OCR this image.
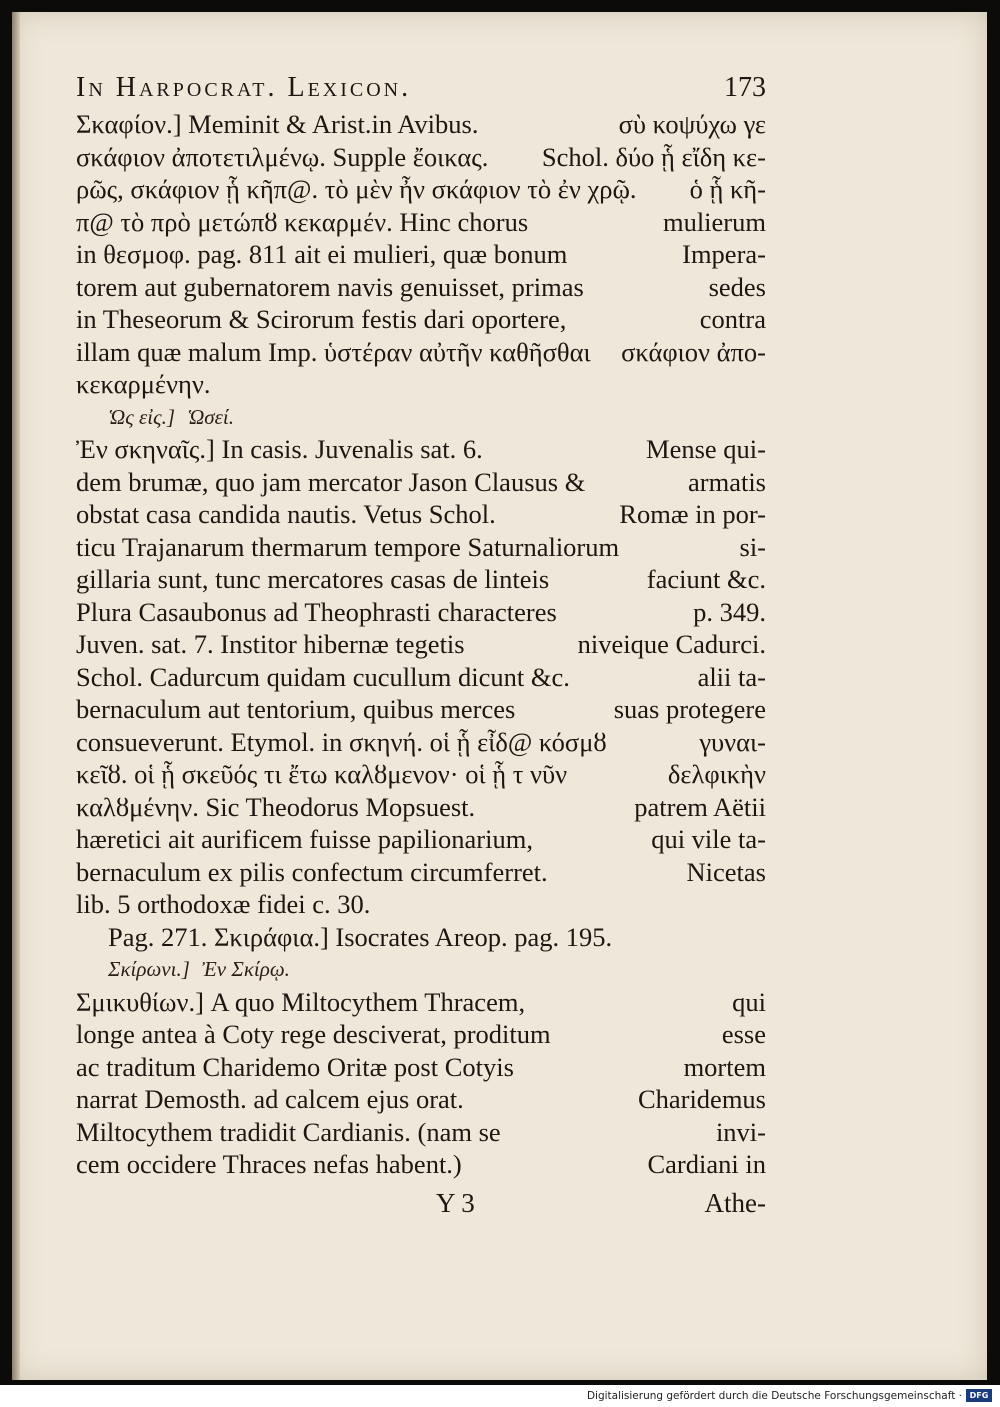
In Harpocrat. Lexicon.	173
Σκαφίον.] Meminit & Arist.in Avibus.	σὺ κοψύχω γε
σκάφιον ἀποτετιλμένῳ. Supple ἔοικας. Schol. δύο ᾗ εἴδη κε-
ρῶς, σκάφιον ᾗ κῆπ@. τὸ μὲν ἦν σκάφιον τὸ ἐν χρῷ. ὁ ᾗ κῆ-
π@ τὸ πρὸ μετώπȣ κεκαρμέν. Hinc chorus	mulierum
in θεσμοφ. pag. 811 ait ei mulieri, quæ bonum	Impera-
torem aut gubernatorem navis genuisset, primas	sedes
in Theseorum & Scirorum festis dari oportere,	contra
illam quæ malum Imp. ὑστέραν αὐτῆν καθῆσθαι σκάφιον ἀπο-
κεκαρμένην.
Ὡς εἰς.] Ὡσεί.
Ἐν σκηναῖς.] In casis. Juvenalis sat. 6.	Mense qui-
dem brumæ, quo jam mercator Jason Clausus &	armatis
obstat casa candida nautis. Vetus Schol.	Romæ in por-
ticu Trajanarum thermarum tempore Saturnaliorum	si-
gillaria sunt, tunc mercatores casas de linteis	faciunt &c.
Plura Casaubonus ad Theophrasti characteres	p. 349.
Juven. sat. 7. Institor hibernæ tegetis	niveique Cadurci.
Schol. Cadurcum quidam cucullum dicunt &c.	alii ta-
bernaculum aut tentorium, quibus merces	suas protegere
consueverunt. Etymol. in σκηνή. οἱ ᾗ εἶδ@ κόσμȣ	γυναι-
κεῖȣ. οἱ ᾗ σκεῦός τι ἔτω καλȣμενον· οἱ ᾗ τ νῦν	δελφικὴν
καλȣμένην. Sic Theodorus Mopsuest.	patrem Aëtii
hæretici ait aurificem fuisse papilionarium,	qui vile ta-
bernaculum ex pilis confectum circumferret.	Nicetas
lib. 5 orthodoxæ fidei c. 30.
Pag. 271. Σκιράφια.] Isocrates Areop. pag. 195.
Σκίρωνι.] Ἐν Σκίρῳ.
Σμικυθίων.] A quo Miltocythem Thracem,	qui
longe antea à Coty rege desciverat, proditum	esse
ac traditum Charidemo Oritæ post Cotyis	mortem
narrat Demosth. ad calcem ejus orat.	Charidemus
Miltocythem tradidit Cardianis. (nam se	invi-
cem occidere Thraces nefas habent.)	Cardiani in
Y 3	Athe-
Digitalisierung gefördert durch die Deutsche Forschungsgemeinschaft · DFG
